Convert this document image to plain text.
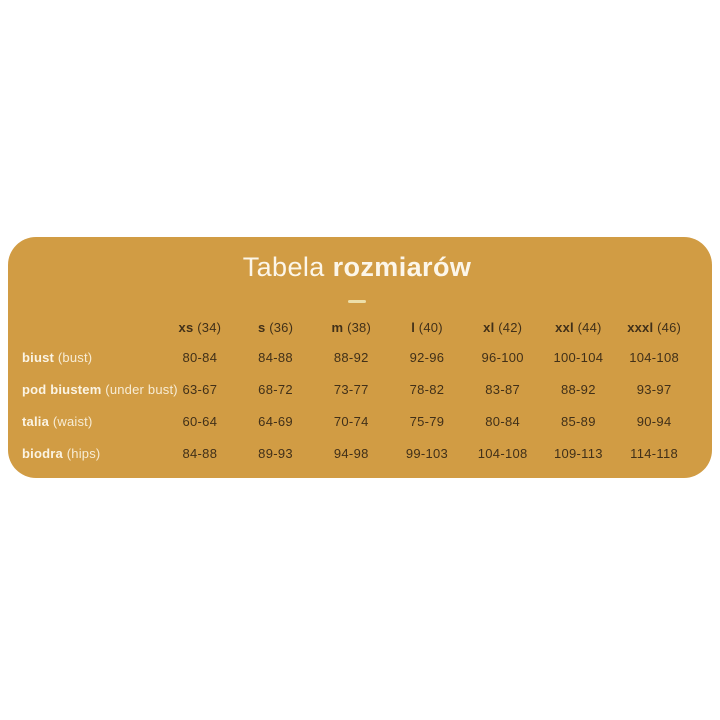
Tabela rozmiarów
	xs (34)	s (36)	m (38)	l (40)	xl (42)	xxl (44)	xxxl (46)
biust (bust)	80-84	84-88	88-92	92-96	96-100	100-104	104-108
pod biustem (under bust)	63-67	68-72	73-77	78-82	83-87	88-92	93-97
talia (waist)	60-64	64-69	70-74	75-79	80-84	85-89	90-94
biodra (hips)	84-88	89-93	94-98	99-103	104-108	109-113	114-118
